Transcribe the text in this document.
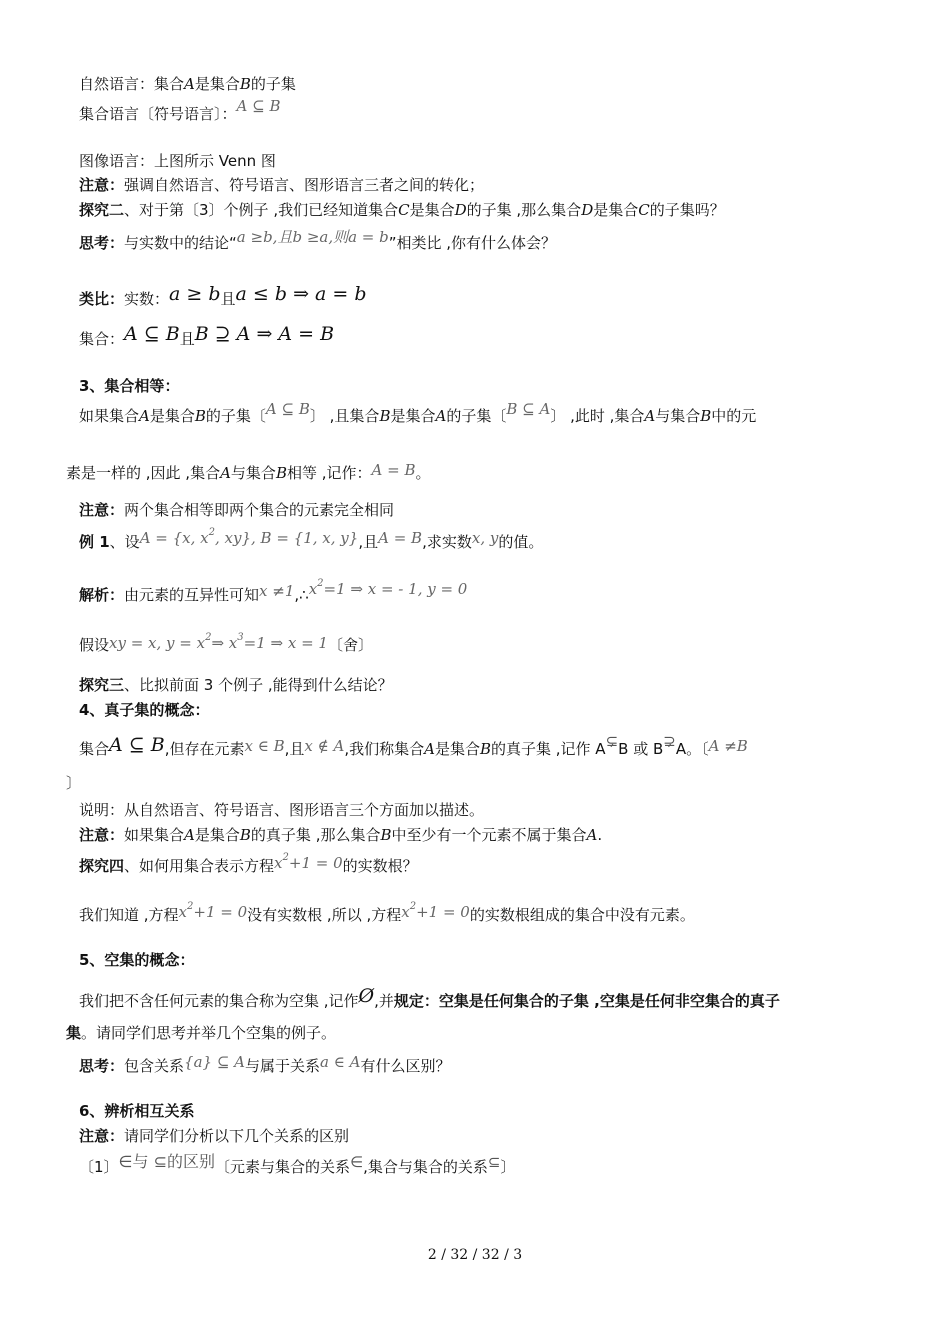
自然语言：集合A是集合B的子集
集合语言〔符号语言〕：A ⊆ B
图像语言：上图所示 Venn 图
注意：强调自然语言、符号语言、图形语言三者之间的转化；
探究二、对于第〔3〕个例子 ,我们已经知道集合C是集合D的子集 ,那么集合D是集合C的子集吗？
思考：与实数中的结论“a ≥b,且b ≥a,则a = b”相类比 ,你有什么体会？
类比：实数：a ≥ b且a ≤ b ⇒ a = b
集合：A ⊆ B且B ⊇ A ⇒ A = B
3、集合相等：
如果集合A是集合B的子集〔A ⊆ B〕 ,且集合B是集合A的子集〔B ⊆ A〕 ,此时 ,集合A与集合B中的元
素是一样的 ,因此 ,集合A与集合B相等 ,记作：A = B。
注意：两个集合相等即两个集合的元素完全相同
例 1、设A = {x, $x^2$, xy}, B = {1, x, y},且A = B,求实数x, y的值。
解析：由元素的互异性可知$x \ne 1,\therefore x^2=1$ ⇒ x = - 1, y = 0
假设xy = x, $y = x^2\Rightarrow$ $x^3=1$ ⇒ x = 1〔舍〕
探究三、比拟前面 3 个例子 ,能得到什么结论？
4、真子集的概念：
集合A ⊆ B,但存在元素x ∈ B,且x ∉ A,我们称集合A是集合B的真子集 ,记作 A⊊B 或 B⊋A。〔A ≠B
〕
说明：从自然语言、符号语言、图形语言三个方面加以描述。
注意：如果集合A是集合B的真子集 ,那么集合B中至少有一个元素不属于集合A.
探究四、如何用集合表示方程$x^2+1 = 0$的实数根？
我们知道 ,方程$x^2+1 = 0$没有实数根 ,所以 ,方程$x^2+1 = 0$的实数根组成的集合中没有元素。
5、空集的概念：
我们把不含任何元素的集合称为空集 ,记作Ø,并规定：空集是任何集合的子集 ,空集是任何非空集合的真子
集。请同学们思考并举几个空集的例子。
思考：包含关系{a} ⊆ A与属于关系a ∈ A有什么区别？
6、辨析相互关系
注意：请同学们分析以下几个关系的区别
〔1〕∈与 ⊆的区别〔元素与集合的关系∈,集合与集合的关系⊆〕
2 / 32 / 32 / 3
